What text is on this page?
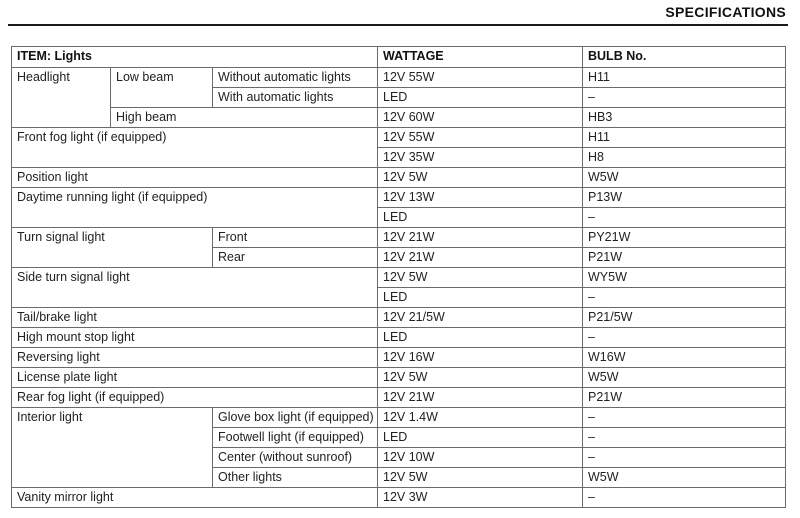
SPECIFICATIONS
ITEM: Lights			WATTAGE	BULB No.
Headlight	Low beam	Without automatic lights	12V 55W	H11
		With automatic lights	LED	–
	High beam		12V 60W	HB3
Front fog light (if equipped)			12V 55W	H11
			12V 35W	H8
Position light			12V 5W	W5W
Daytime running light (if equipped)			12V 13W	P13W
			LED	–
Turn signal light		Front	12V 21W	PY21W
		Rear	12V 21W	P21W
Side turn signal light			12V 5W	WY5W
			LED	–
Tail/brake light			12V 21/5W	P21/5W
High mount stop light			LED	–
Reversing light			12V 16W	W16W
License plate light			12V 5W	W5W
Rear fog light (if equipped)			12V 21W	P21W
Interior light		Glove box light (if equipped)	12V 1.4W	–
		Footwell light (if equipped)	LED	–
		Center (without sunroof)	12V 10W	–
		Other lights	12V 5W	W5W
Vanity mirror light			12V 3W	–
